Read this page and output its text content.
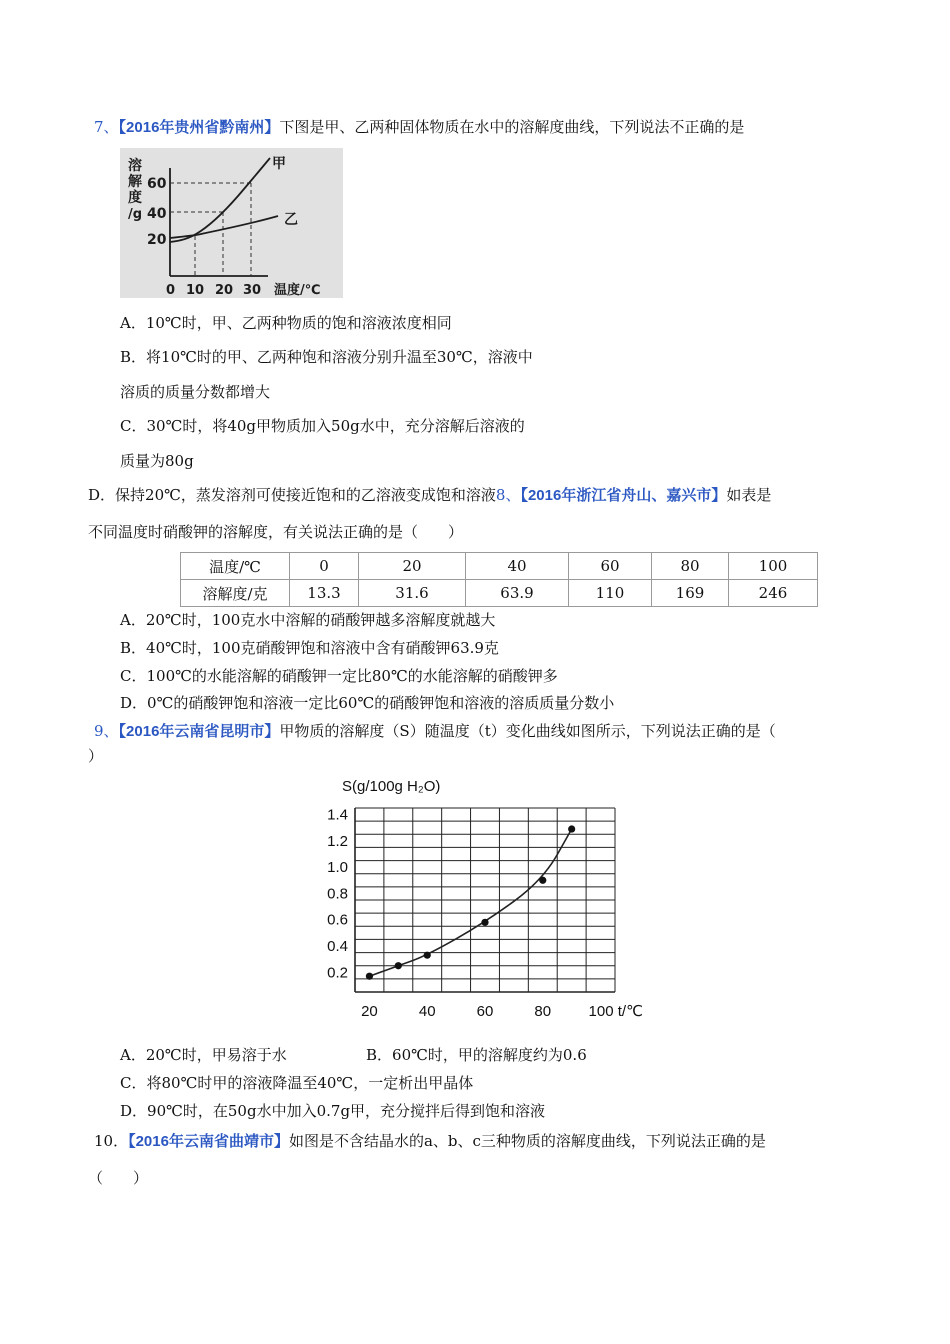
7、【2016年贵州省黔南州】下图是甲、乙两种固体物质在水中的溶解度曲线，下列说法不正确的是
溶
解
度
/g
60
40
20
0 10 20 30 温度/℃
甲
乙
A．10℃时，甲、乙两种物质的饱和溶液浓度相同
B．将10℃时的甲、乙两种饱和溶液分别升温至30℃，溶液中
溶质的质量分数都增大
C．30℃时，将40g甲物质加入50g水中，充分溶解后溶液的
质量为80g
D．保持20℃，蒸发溶剂可使接近饱和的乙溶液变成饱和溶液8、【2016年浙江省舟山、嘉兴市】如表是
不同温度时硝酸钾的溶解度，有关说法正确的是（　　）
温度/℃	0	20	40	60	80	100
溶解度/克	13.3	31.6	63.9	110	169	246
A．20℃时，100克水中溶解的硝酸钾越多溶解度就越大
B．40℃时，100克硝酸钾饱和溶液中含有硝酸钾63.9克
C．100℃的水能溶解的硝酸钾一定比80℃的水能溶解的硝酸钾多
D．0℃的硝酸钾饱和溶液一定比60℃的硝酸钾饱和溶液的溶质质量分数小
9、【2016年云南省昆明市】甲物质的溶解度（S）随温度（t）变化曲线如图所示，下列说法正确的是（
）
S(g/100g H₂O)
0.2
0.4
0.6
0.8
1.0
1.2
1.4
20	40	60	80 100 t/℃
A．20℃时，甲易溶于水	B．60℃时，甲的溶解度约为0.6
C．将80℃时甲的溶液降温至40℃，一定析出甲晶体
D．90℃时，在50g水中加入0.7g甲，充分搅拌后得到饱和溶液
10．【2016年云南省曲靖市】如图是不含结晶水的a、b、c三种物质的溶解度曲线，下列说法正确的是
（　　）
